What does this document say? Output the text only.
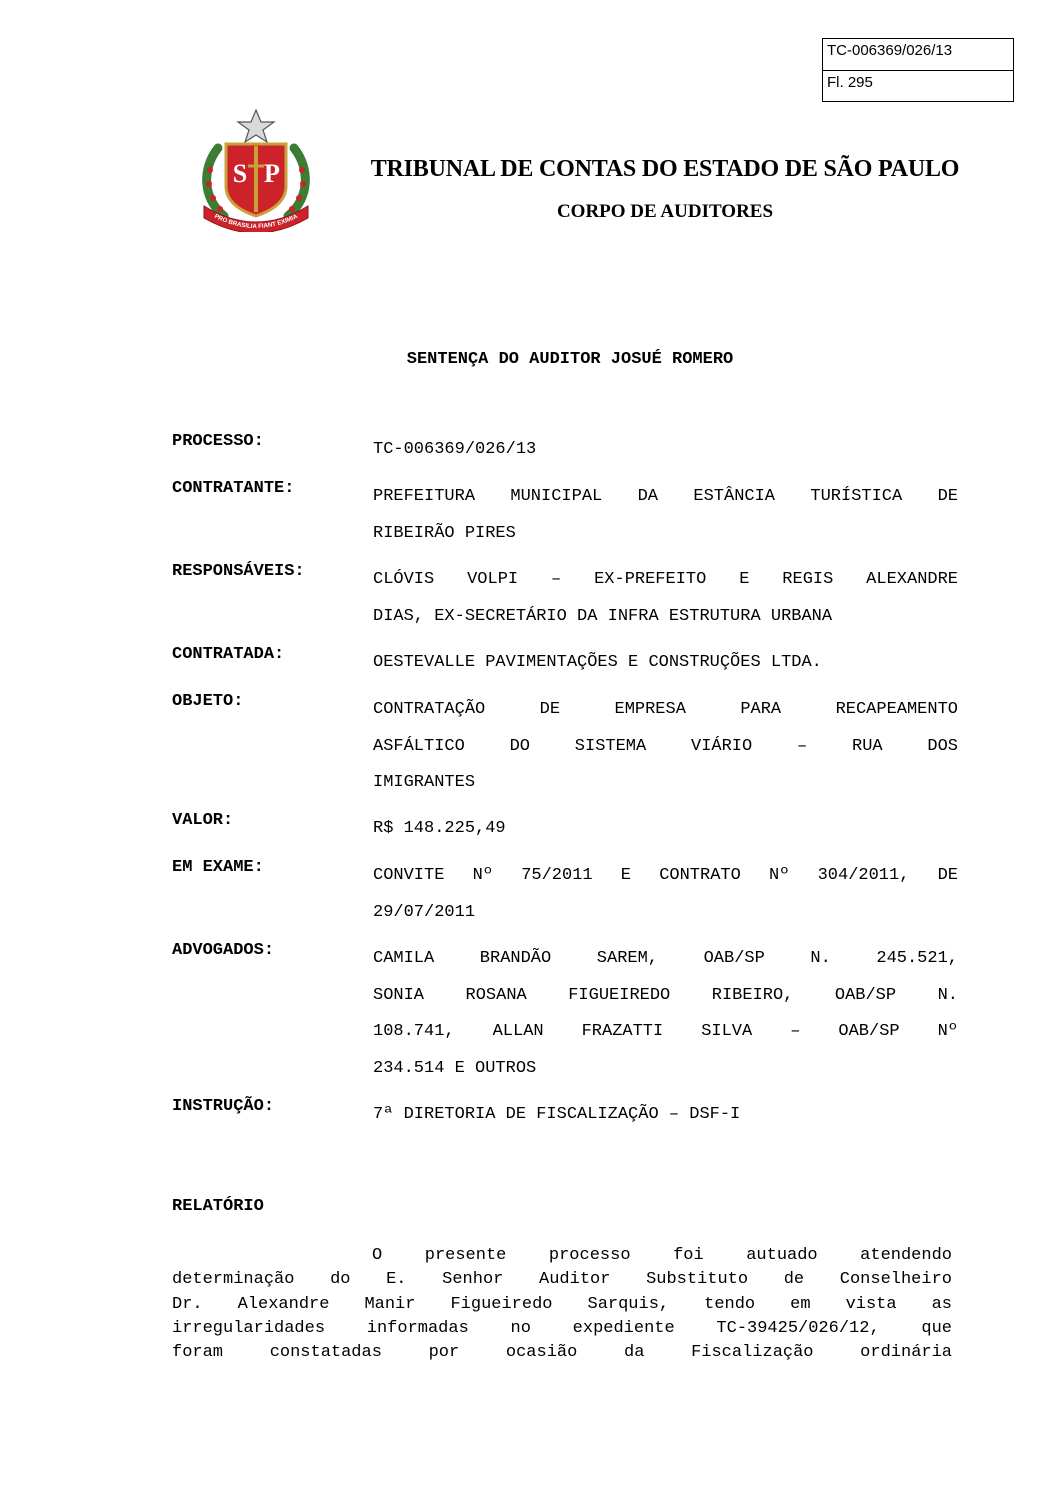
TC-006369/026/13
Fl. 295
S P
PRO BRASILIA FIANT EXIMIA
TRIBUNAL DE CONTAS DO ESTADO DE SÃO PAULO
CORPO DE AUDITORES
SENTENÇA DO AUDITOR JOSUÉ ROMERO
PROCESSO:	TC-006369/026/13
CONTRATANTE:	PREFEITURA MUNICIPAL DA ESTÂNCIA TURÍSTICA DE
RIBEIRÃO PIRES
RESPONSÁVEIS:	CLÓVIS VOLPI – EX-PREFEITO E REGIS ALEXANDRE
DIAS, EX-SECRETÁRIO DA INFRA ESTRUTURA URBANA
CONTRATADA:	OESTEVALLE PAVIMENTAÇÕES E CONSTRUÇÕES LTDA.
OBJETO:	CONTRATAÇÃO DE EMPRESA PARA RECAPEAMENTO
ASFÁLTICO DO SISTEMA VIÁRIO – RUA DOS
IMIGRANTES
VALOR:	R$ 148.225,49
EM EXAME:	CONVITE Nº 75/2011 E CONTRATO Nº 304/2011, DE
29/07/2011
ADVOGADOS:	CAMILA BRANDÃO SAREM, OAB/SP N. 245.521,
SONIA ROSANA FIGUEIREDO RIBEIRO, OAB/SP N.
108.741, ALLAN FRAZATTI SILVA – OAB/SP Nº
234.514 E OUTROS
INSTRUÇÃO:	7ª DIRETORIA DE FISCALIZAÇÃO – DSF-I
RELATÓRIO
O presente processo foi autuado atendendo
determinação do E. Senhor Auditor Substituto de Conselheiro
Dr. Alexandre Manir Figueiredo Sarquis, tendo em vista as
irregularidades informadas no expediente TC-39425/026/12, que
foram constatadas por ocasião da Fiscalização ordinária
